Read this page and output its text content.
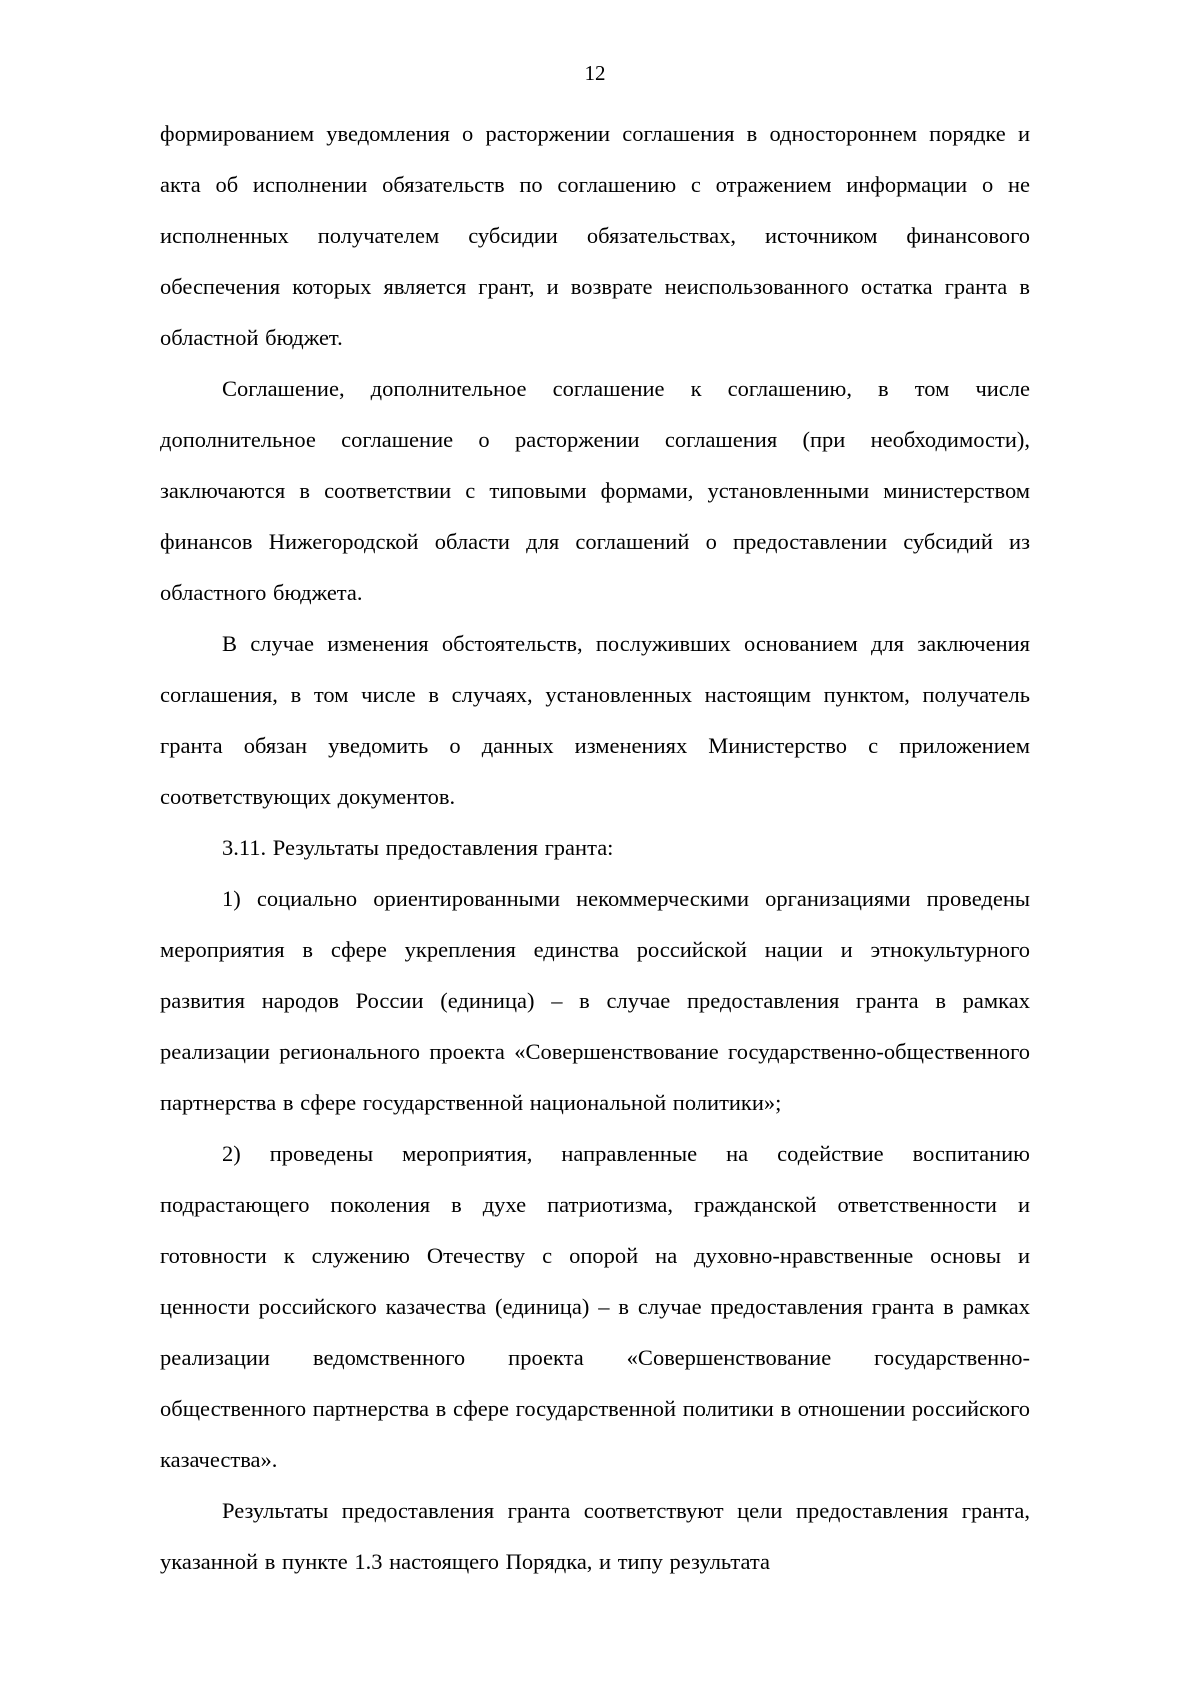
12

формированием уведомления о расторжении соглашения в одностороннем порядке и акта об исполнении обязательств по соглашению с отражением информации о не исполненных получателем субсидии обязательствах, источником финансового обеспечения которых является грант, и возврате неиспользованного остатка гранта в областной бюджет.

Соглашение, дополнительное соглашение к соглашению, в том числе дополнительное соглашение о расторжении соглашения (при необходимости), заключаются в соответствии с типовыми формами, установленными министерством финансов Нижегородской области для соглашений о предоставлении субсидий из областного бюджета.

В случае изменения обстоятельств, послуживших основанием для заключения соглашения, в том числе в случаях, установленных настоящим пунктом, получатель гранта обязан уведомить о данных изменениях Министерство с приложением соответствующих документов.

3.11. Результаты предоставления гранта:

1) социально ориентированными некоммерческими организациями проведены мероприятия в сфере укрепления единства российской нации и этнокультурного развития народов России (единица) – в случае предоставления гранта в рамках реализации регионального проекта «Совершенствование государственно-общественного партнерства в сфере государственной национальной политики»;

2) проведены мероприятия, направленные на содействие воспитанию подрастающего поколения в духе патриотизма, гражданской ответственности и готовности к служению Отечеству с опорой на духовно-нравственные основы и ценности российского казачества (единица) – в случае предоставления гранта в рамках реализации ведомственного проекта «Совершенствование государственно-общественного партнерства в сфере государственной политики в отношении российского казачества».

Результаты предоставления гранта соответствуют цели предоставления гранта, указанной в пункте 1.3 настоящего Порядка, и типу результата
